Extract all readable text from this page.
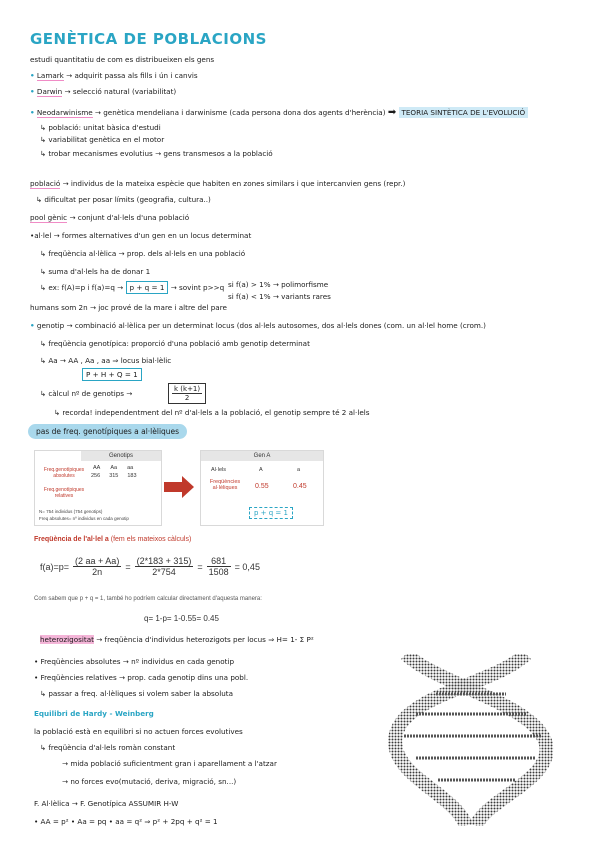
GENÈTICA DE POBLACIONS
estudi quantitatiu de com es distribueixen els gens
• Lamark → adquirit passa als fills i ún i canvis
• Darwin → selecció natural (variabilitat)
• Neodarwinisme → genètica mendeliana i darwinisme (cada persona dona dos agents d'herència) ➡ TEORIA SINTÈTICA DE L'EVOLUCIÓ
↳ població: unitat bàsica d'estudi
↳ variabilitat genètica en el motor
↳ trobar mecanismes evolutius → gens transmesos a la població
població → individus de la mateixa espècie que habiten en zones similars i que intercanvien gens (repr.)
↳ dificultat per posar límits (geografia, cultura..)
pool gènic → conjunt d'al·lels d'una població
•al·lel → formes alternatives d'un gen en un locus determinat
↳ freqüència al·lèlica → prop. dels al·lels en una població
↳ suma d'al·lels ha de donar 1
↳ ex: f(A)=p i f(a)=q → p + q = 1 → sovint p>>q si f(a) > 1% → polimorfisme
si f(a) < 1% → variants rares
humans som 2n → joc prové de la mare i altre del pare
• genotip → combinació al·lèlica per un determinat locus (dos al·lels autosomes, dos al·lels dones (com. un al·lel home (crom.)
↳ freqüència genotípica: proporció d'una població amb genotip determinat
↳ Aa → AA , Aa , aa ⇒ locus bial·lèlic
P + H + Q = 1
↳ càlcul nº de genotips →	$\frac{k (k+1)}{2}$
↳ recorda! independentment del nº d'al·lels a la població, el genotip sempre té 2 al·lels
pas de freq. genotípiques a al·lèliques
Genotips
AA Aa aa
Freq.genotípiques absolutes	256 315 183
Freq.genotípiques relatives
N= 754 individus (754 genotips)
Freq absolutes= nº individus en cada genotip
Gen A
Al·lels	A	a
Freqüències al·lèliques	0.55	0.45
p + q = 1
Freqüència de l'al·lel a (fem els mateixos càlculs)
$f(a)=p= \frac{(2 aa + Aa)}{2n} = \frac{(2*183 + 315)}{2*754} = \frac{681}{1508} = 0,45$
Com sabem que p + q = 1, també ho podríem calcular directament d'aquesta manera:
q= 1-p= 1-0.55= 0.45
heterozigositat → freqüència d'individus heterozigots per locus ⇒ H= 1- Σ P²
• Freqüències absolutes → nº individus en cada genotip
• Freqüències relatives → prop. cada genotip dins una pobl.
↳ passar a freq. al·lèliques si volem saber la absoluta
Equilibri de Hardy - Weinberg
la població està en equilibri si no actuen forces evolutives
↳ freqüència d'al·lels romàn constant
→ mida població suficientment gran i aparellament a l'atzar
→ no forces evo(mutació, deriva, migració, sn...)
F. Al·lèlica → F. Genotípica ASSUMIR H-W
• AA = p² • Aa = pq • aa = q² ⇒ p² + 2pq + q² = 1
